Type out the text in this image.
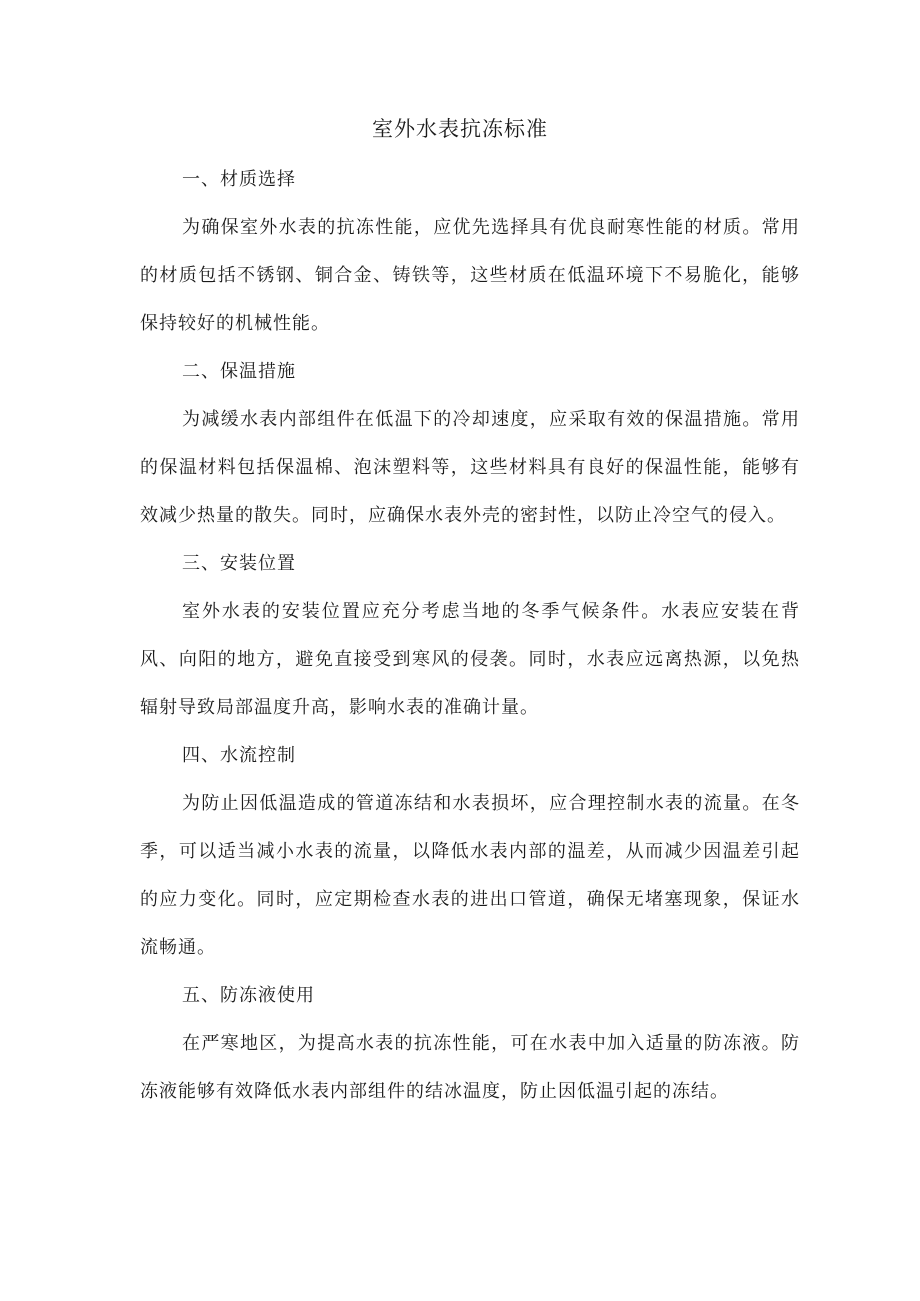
室外水表抗冻标准
一、材质选择

为确保室外水表的抗冻性能，应优先选择具有优良耐寒性能的材质。常用的材质包括不锈钢、铜合金、铸铁等，这些材质在低温环境下不易脆化，能够保持较好的机械性能。

二、保温措施

为减缓水表内部组件在低温下的冷却速度，应采取有效的保温措施。常用的保温材料包括保温棉、泡沫塑料等，这些材料具有良好的保温性能，能够有效减少热量的散失。同时，应确保水表外壳的密封性，以防止冷空气的侵入。

三、安装位置

室外水表的安装位置应充分考虑当地的冬季气候条件。水表应安装在背风、向阳的地方，避免直接受到寒风的侵袭。同时，水表应远离热源，以免热辐射导致局部温度升高，影响水表的准确计量。

四、水流控制

为防止因低温造成的管道冻结和水表损坏，应合理控制水表的流量。在冬季，可以适当减小水表的流量，以降低水表内部的温差，从而减少因温差引起的应力变化。同时，应定期检查水表的进出口管道，确保无堵塞现象，保证水流畅通。

五、防冻液使用

在严寒地区，为提高水表的抗冻性能，可在水表中加入适量的防冻液。防冻液能够有效降低水表内部组件的结冰温度，防止因低温引起的冻结。
